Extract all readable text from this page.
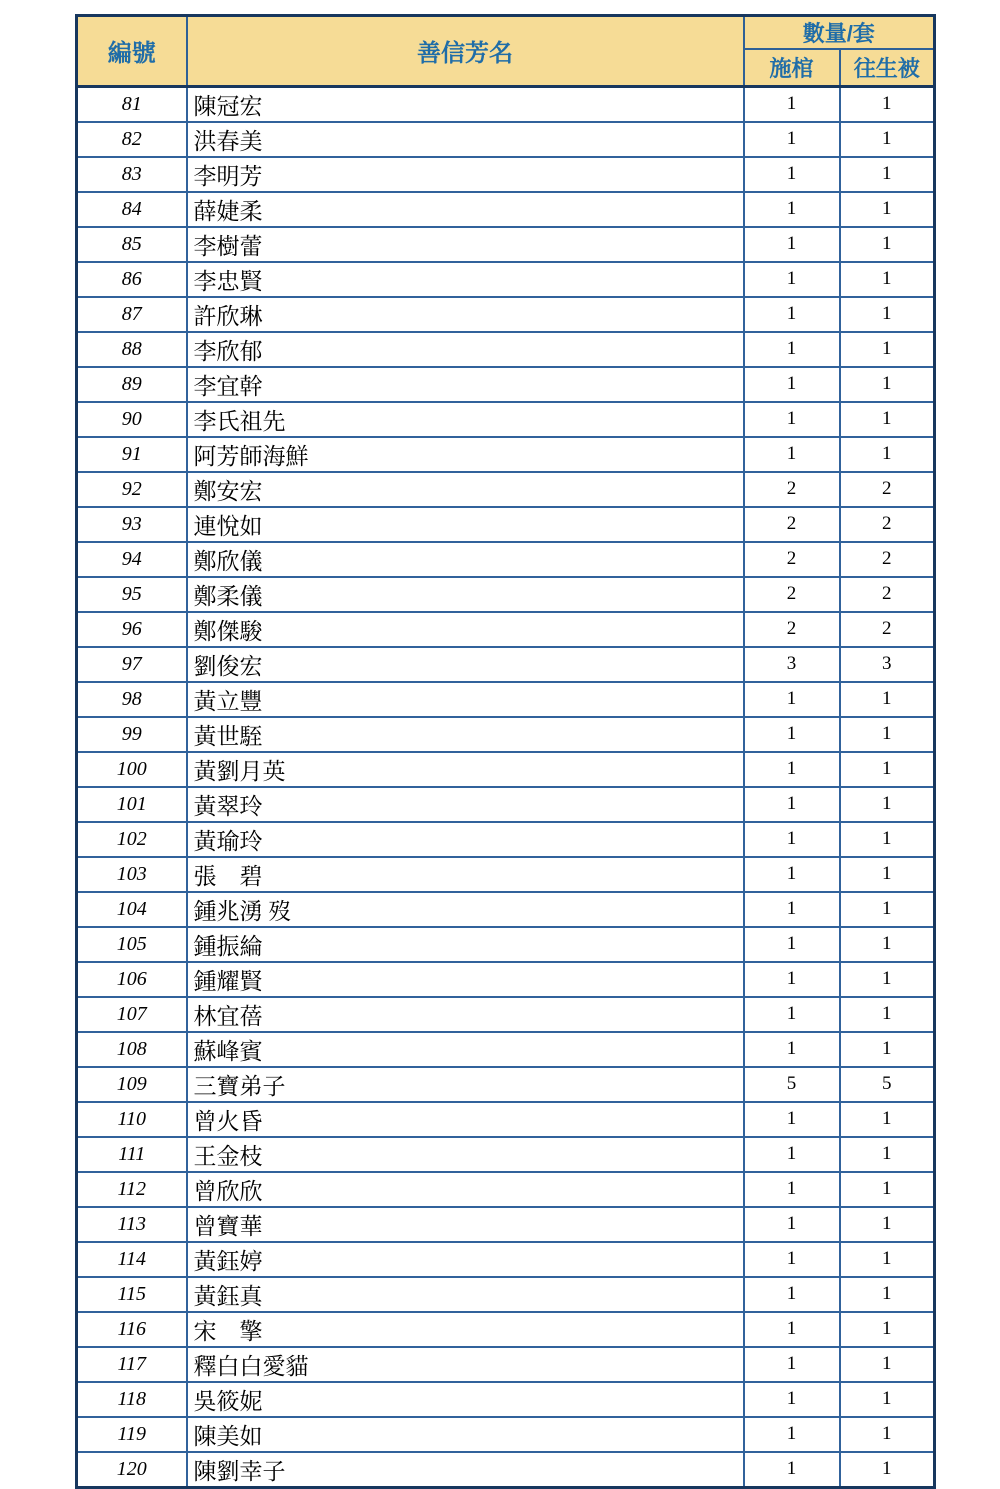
編號	善信芳名	數量/套	
		施棺	往生被
81	陳冠宏	1	1
82	洪春美	1	1
83	李明芳	1	1
84	薛婕柔	1	1
85	李樹蕾	1	1
86	李忠賢	1	1
87	許欣琳	1	1
88	李欣郁	1	1
89	李宜幹	1	1
90	李氏祖先	1	1
91	阿芳師海鮮	1	1
92	鄭安宏	2	2
93	連悅如	2	2
94	鄭欣儀	2	2
95	鄭柔儀	2	2
96	鄭傑駿	2	2
97	劉俊宏	3	3
98	黃立豐	1	1
99	黃世駤	1	1
100	黃劉月英	1	1
101	黃翠玲	1	1
102	黃瑜玲	1	1
103	張　碧	1	1
104	鍾兆湧 歿	1	1
105	鍾振綸	1	1
106	鍾耀賢	1	1
107	林宜蓓	1	1
108	蘇峰賓	1	1
109	三寶弟子	5	5
110	曾火昏	1	1
111	王金枝	1	1
112	曾欣欣	1	1
113	曾寶華	1	1
114	黃鈺婷	1	1
115	黃鈺真	1	1
116	宋　擎	1	1
117	釋白白愛貓	1	1
118	吳筱妮	1	1
119	陳美如	1	1
120	陳劉幸子	1	1
